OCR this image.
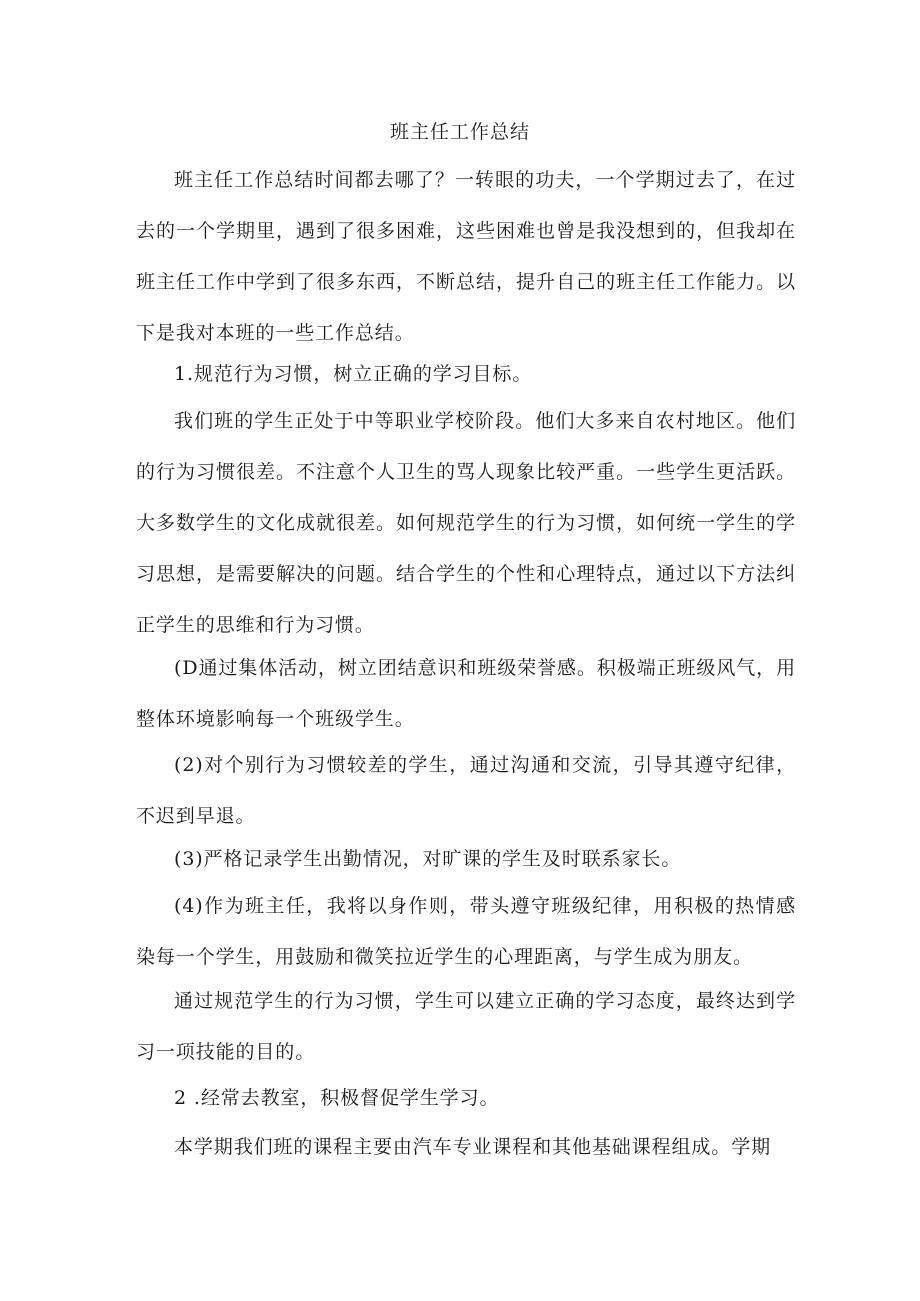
班主任工作总结

班主任工作总结时间都去哪了？一转眼的功夫，一个学期过去了，在过去的一个学期里，遇到了很多困难，这些困难也曾是我没想到的，但我却在班主任工作中学到了很多东西，不断总结，提升自己的班主任工作能力。以下是我对本班的一些工作总结。

1.规范行为习惯，树立正确的学习目标。

我们班的学生正处于中等职业学校阶段。他们大多来自农村地区。他们的行为习惯很差。不注意个人卫生的骂人现象比较严重。一些学生更活跃。大多数学生的文化成就很差。如何规范学生的行为习惯，如何统一学生的学习思想，是需要解决的问题。结合学生的个性和心理特点，通过以下方法纠正学生的思维和行为习惯。

(D通过集体活动，树立团结意识和班级荣誉感。积极端正班级风气，用整体环境影响每一个班级学生。

(2)对个别行为习惯较差的学生，通过沟通和交流，引导其遵守纪律，不迟到早退。

(3)严格记录学生出勤情况，对旷课的学生及时联系家长。

(4)作为班主任，我将以身作则，带头遵守班级纪律，用积极的热情感染每一个学生，用鼓励和微笑拉近学生的心理距离，与学生成为朋友。

通过规范学生的行为习惯，学生可以建立正确的学习态度，最终达到学习一项技能的目的。

2 .经常去教室，积极督促学生学习。

本学期我们班的课程主要由汽车专业课程和其他基础课程组成。学期
